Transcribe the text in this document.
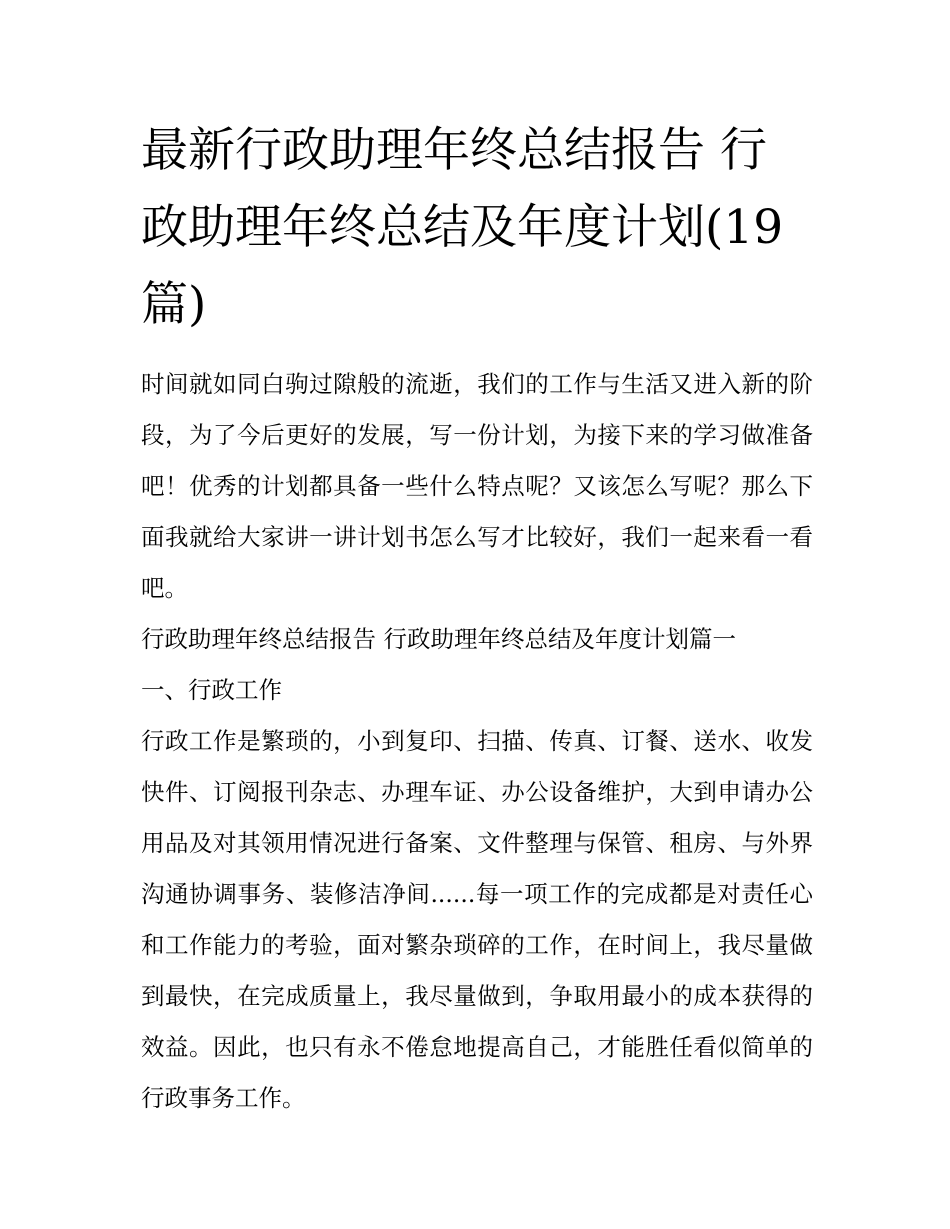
最新行政助理年终总结报告 行政助理年终总结及年度计划(19篇)

时间就如同白驹过隙般的流逝，我们的工作与生活又进入新的阶段，为了今后更好的发展，写一份计划，为接下来的学习做准备吧！优秀的计划都具备一些什么特点呢？又该怎么写呢？那么下面我就给大家讲一讲计划书怎么写才比较好，我们一起来看一看吧。

行政助理年终总结报告 行政助理年终总结及年度计划篇一

一、行政工作

行政工作是繁琐的，小到复印、扫描、传真、订餐、送水、收发快件、订阅报刊杂志、办理车证、办公设备维护，大到申请办公用品及对其领用情况进行备案、文件整理与保管、租房、与外界沟通协调事务、装修洁净间......每一项工作的完成都是对责任心和工作能力的考验，面对繁杂琐碎的工作，在时间上，我尽量做到最快，在完成质量上，我尽量做到，争取用最小的成本获得的效益。因此，也只有永不倦怠地提高自己，才能胜任看似简单的行政事务工作。
